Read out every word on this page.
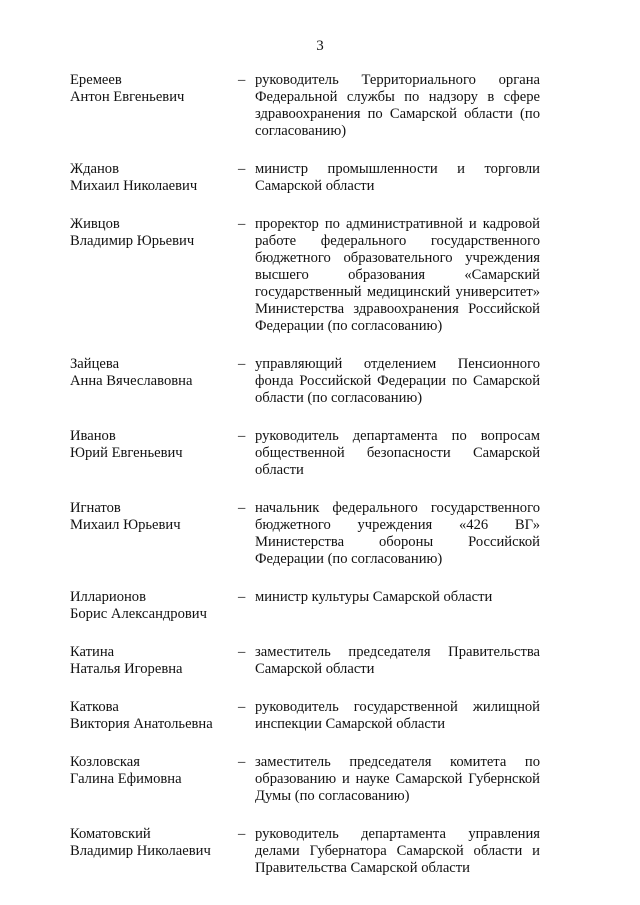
3
Еремеев
Антон Евгеньевич
– руководитель Территориального органа Федеральной службы по надзору в сфере здравоохранения по Самарской области (по согласованию)
Жданов
Михаил Николаевич
– министр промышленности и торговли Самарской области
Живцов
Владимир Юрьевич
– проректор по административной и кадровой работе федерального государственного бюджетного образовательного учреждения высшего образования «Самарский государственный медицинский университет» Министерства здравоохранения Российской Федерации (по согласованию)
Зайцева
Анна Вячеславовна
– управляющий отделением Пенсионного фонда Российской Федерации по Самарской области (по согласованию)
Иванов
Юрий Евгеньевич
– руководитель департамента по вопросам общественной безопасности Самарской области
Игнатов
Михаил Юрьевич
– начальник федерального государственного бюджетного учреждения «426 ВГ» Министерства обороны Российской Федерации (по согласованию)
Илларионов
Борис Александрович
– министр культуры Самарской области
Катина
Наталья Игоревна
– заместитель председателя Правительства Самарской области
Каткова
Виктория Анатольевна
– руководитель государственной жилищной инспекции Самарской области
Козловская
Галина Ефимовна
– заместитель председателя комитета по образованию и науке Самарской Губернской Думы (по согласованию)
Коматовский
Владимир Николаевич
– руководитель департамента управления делами Губернатора Самарской области и Правительства Самарской области
